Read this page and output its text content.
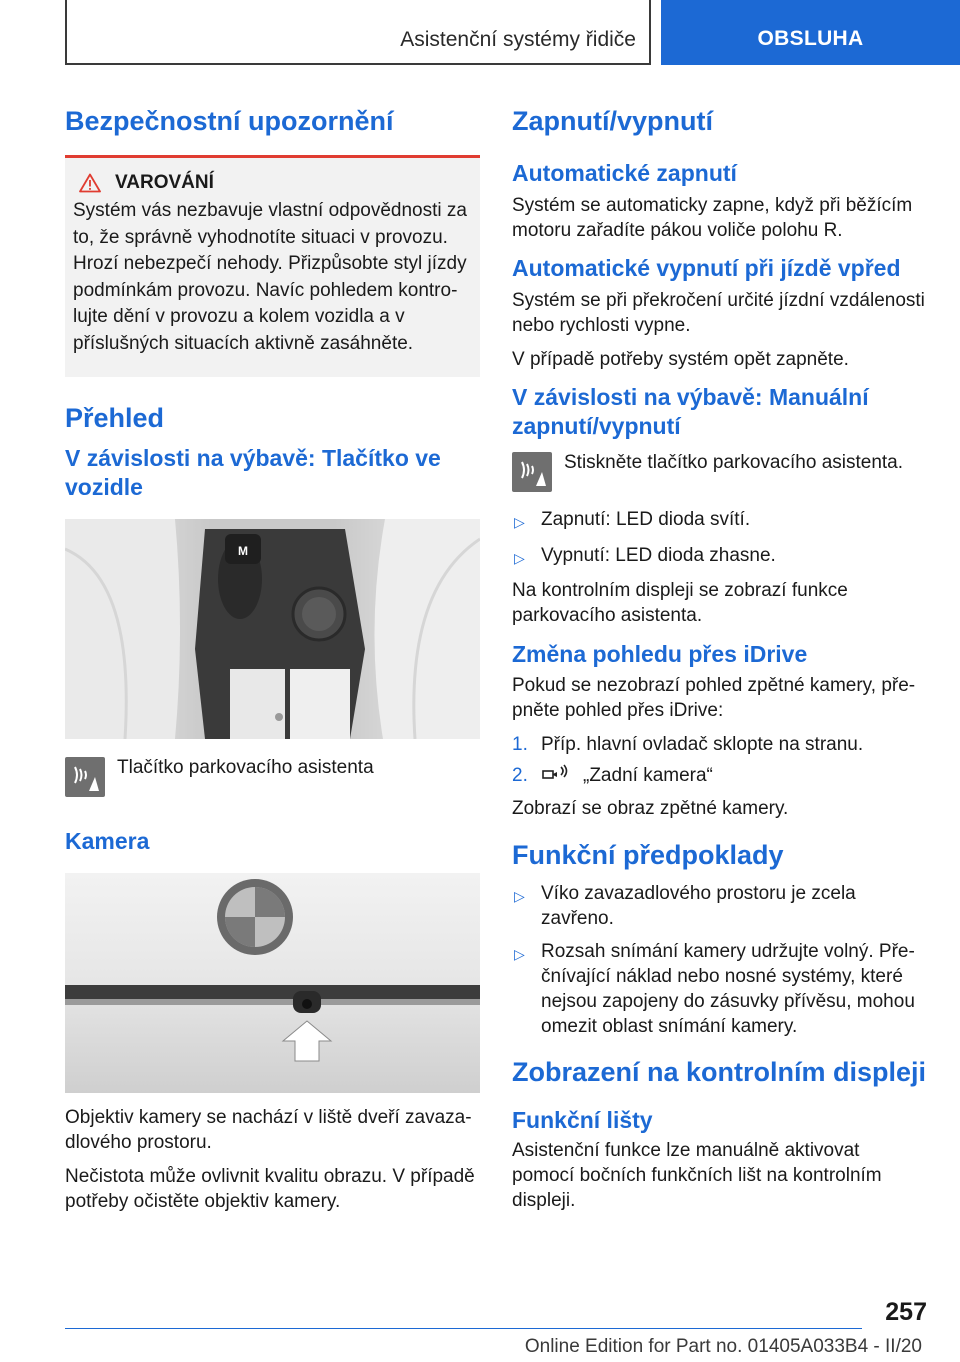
Asistenční systémy řidiče	OBSLUHA
Bezpečnostní upozornění
VAROVÁNÍ

Systém vás nezbavuje vlastní odpovědnosti za to, že správně vyhodnotíte situaci v provozu. Hrozí nebezpečí nehody. Přizpůsobte styl jízdy podmínkám provozu. Navíc pohledem kontrolujte dění v provozu a kolem vozidla a v příslušných situacích aktivně zasáhněte.

Přehled
V závislosti na výbavě: Tlačítko ve vozidle
M
Tlačítko parkovacího asistenta
Kamera

Objektiv kamery se nachází v liště dveří zavazadlového prostoru.

Nečistota může ovlivnit kvalitu obrazu. V případě potřeby očistěte objektiv kamery.

Zapnutí/vypnutí
Automatické zapnutí

Systém se automaticky zapne, když při běžícím motoru zařadíte pákou voliče polohu R.

Automatické vypnutí při jízdě vpřed

Systém se při překročení určité jízdní vzdálenosti nebo rychlosti vypne.

V případě potřeby systém opět zapněte.

V závislosti na výbavě: Manuální zapnutí/vypnutí
Stiskněte tlačítko parkovacího asistenta.
▷ Zapnutí: LED dioda svítí.
▷ Vypnutí: LED dioda zhasne.

Na kontrolním displeji se zobrazí funkce parkovacího asistenta.

Změna pohledu přes iDrive

Pokud se nezobrazí pohled zpětné kamery, přepněte pohled přes iDrive:

1. Příp. hlavní ovladač sklopte na stranu.
2.	„Zadní kamera“

Zobrazí se obraz zpětné kamery.

Funkční předpoklady
▷ Víko zavazadlového prostoru je zcela zavřeno.
▷ Rozsah snímání kamery udržujte volný. Přečnívající náklad nebo nosné systémy, které nejsou zapojeny do zásuvky přívěsu, mohou omezit oblast snímání kamery.
Zobrazení na kontrolním displeji
Funkční lišty

Asistenční funkce lze manuálně aktivovat pomocí bočních funkčních lišt na kontrolním displeji.

257
Online Edition for Part no. 01405A033B4 - II/20
